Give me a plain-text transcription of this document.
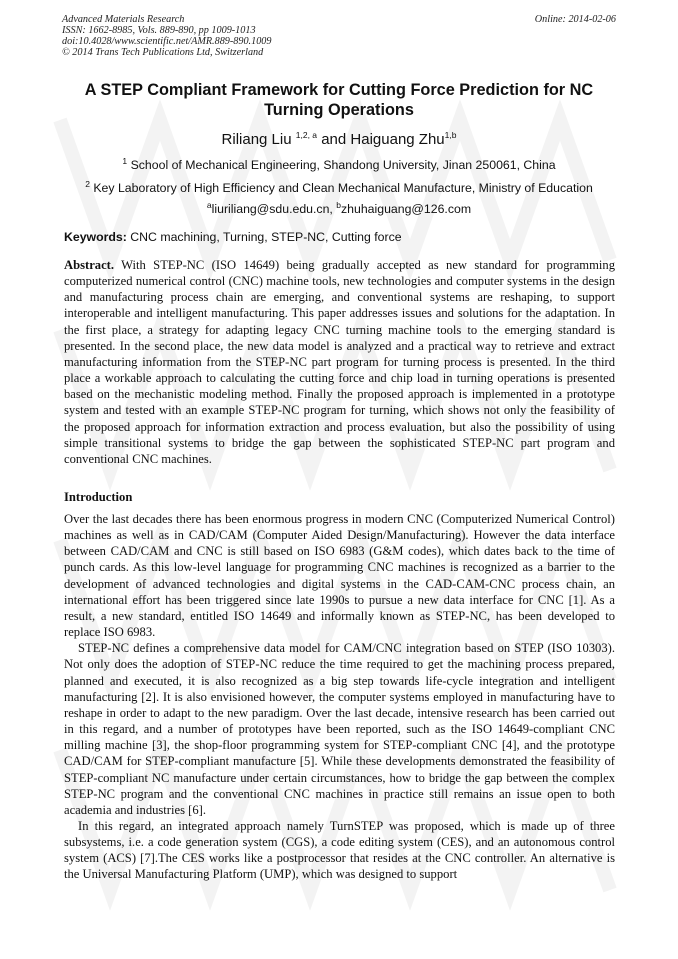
Advanced Materials Research
ISSN: 1662-8985, Vols. 889-890, pp 1009-1013
doi:10.4028/www.scientific.net/AMR.889-890.1009
© 2014 Trans Tech Publications Ltd, Switzerland
Online: 2014-02-06
A STEP Compliant Framework for Cutting Force Prediction for NC Turning Operations
Riliang Liu $^{1,2, a}$ and Haiguang Zhu$^{1,b}$
$^1$ School of Mechanical Engineering, Shandong University, Jinan 250061, China
$^2$ Key Laboratory of High Efficiency and Clean Mechanical Manufacture, Ministry of Education
$^a$liuriliang@sdu.edu.cn, $^b$zhuhaiguang@126.com
Keywords: CNC machining, Turning, STEP-NC, Cutting force

Abstract. With STEP-NC (ISO 14649) being gradually accepted as new standard for programming computerized numerical control (CNC) machine tools, new technologies and computer systems in the design and manufacturing process chain are emerging, and conventional systems are reshaping, to support interoperable and intelligent manufacturing. This paper addresses issues and solutions for the adaptation. In the first place, a strategy for adapting legacy CNC turning machine tools to the emerging standard is presented. In the second place, the new data model is analyzed and a practical way to retrieve and extract manufacturing information from the STEP-NC part program for turning process is presented. In the third place a workable approach to calculating the cutting force and chip load in turning operations is presented based on the mechanistic modeling method. Finally the proposed approach is implemented in a prototype system and tested with an example STEP-NC program for turning, which shows not only the feasibility of the proposed approach for information extraction and process evaluation, but also the possibility of using simple transitional systems to bridge the gap between the sophisticated STEP-NC part program and conventional CNC machines.

Introduction

Over the last decades there has been enormous progress in modern CNC (Computerized Numerical Control) machines as well as in CAD/CAM (Computer Aided Design/Manufacturing). However the data interface between CAD/CAM and CNC is still based on ISO 6983 (G&M codes), which dates back to the time of punch cards. As this low-level language for programming CNC machines is recognized as a barrier to the development of advanced technologies and digital systems in the CAD-CAM-CNC process chain, an international effort has been triggered since late 1990s to pursue a new data interface for CNC [1]. As a result, a new standard, entitled ISO 14649 and informally known as STEP-NC, has been developed to replace ISO 6983.

STEP-NC defines a comprehensive data model for CAM/CNC integration based on STEP (ISO 10303). Not only does the adoption of STEP-NC reduce the time required to get the machining process prepared, planned and executed, it is also recognized as a big step towards life-cycle integration and intelligent manufacturing [2]. It is also envisioned however, the computer systems employed in manufacturing have to reshape in order to adapt to the new paradigm. Over the last decade, intensive research has been carried out in this regard, and a number of prototypes have been reported, such as the ISO 14649-compliant CNC milling machine [3], the shop-floor programming system for STEP-compliant CNC [4], and the prototype CAD/CAM for STEP-compliant manufacture [5]. While these developments demonstrated the feasibility of STEP-compliant NC manufacture under certain circumstances, how to bridge the gap between the complex STEP-NC program and the conventional CNC machines in practice still remains an issue open to both academia and industries [6].

In this regard, an integrated approach namely TurnSTEP was proposed, which is made up of three subsystems, i.e. a code generation system (CGS), a code editing system (CES), and an autonomous control system (ACS) [7].The CES works like a postprocessor that resides at the CNC controller. An alternative is the Universal Manufacturing Platform (UMP), which was designed to support
